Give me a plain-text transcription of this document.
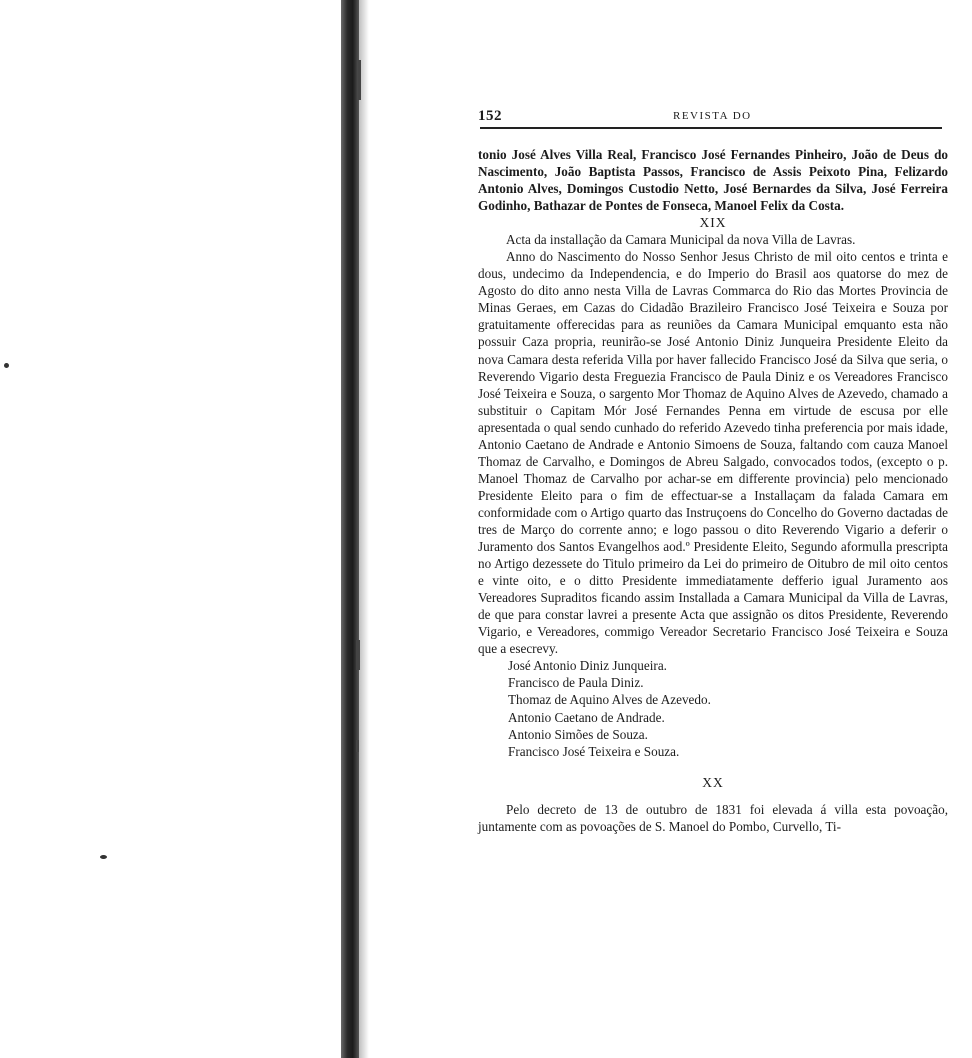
152	REVISTA DO

tonio José Alves Villa Real, Francisco José Fernandes Pinheiro, João de Deus do Nascimento, João Baptista Passos, Francisco de Assis Peixoto Pina, Felizardo Antonio Alves, Domingos Custodio Netto, José Bernardes da Silva, José Ferreira Godinho, Bathazar de Pontes de Fonseca, Manoel Felix da Costa.

XIX

Acta da installação da Camara Municipal da nova Villa de Lavras.

Anno do Nascimento do Nosso Senhor Jesus Christo de mil oito centos e trinta e dous, undecimo da Independencia, e do Imperio do Brasil aos quatorse do mez de Agosto do dito anno nesta Villa de Lavras Commarca do Rio das Mortes Provincia de Minas Geraes, em Cazas do Cidadão Brazileiro Francisco José Teixeira e Souza por gratuitamente offerecidas para as reuniões da Camara Municipal emquanto esta não possuir Caza propria, reunirão-se José Antonio Diniz Junqueira Presidente Eleito da nova Camara desta referida Villa por haver fallecido Francisco José da Silva que seria, o Reverendo Vigario desta Freguezia Francisco de Paula Diniz e os Vereadores Francisco José Teixeira e Souza, o sargento Mor Thomaz de Aquino Alves de Azevedo, chamado a substituir o Capitam Mór José Fernandes Penna em virtude de escusa por elle apresentada o qual sendo cunhado do referido Azevedo tinha preferencia por mais idade, Antonio Caetano de Andrade e Antonio Simoens de Souza, faltando com cauza Manoel Thomaz de Carvalho, e Domingos de Abreu Salgado, convocados todos, (excepto o p. Manoel Thomaz de Carvalho por achar-se em differente provincia) pelo mencionado Presidente Eleito para o fim de effectuar-se a Installaçam da falada Camara em conformidade com o Artigo quarto das Instruçoens do Concelho do Governo dactadas de tres de Março do corrente anno; e logo passou o dito Reverendo Vigario a deferir o Juramento dos Santos Evangelhos aod.º Presidente Eleito, Segundo aformulla prescripta no Artigo dezessete do Titulo primeiro da Lei do primeiro de Oitubro de mil oito centos e vinte oito, e o ditto Presidente immediatamente defferio igual Juramento aos Vereadores Supraditos ficando assim Installada a Camara Municipal da Villa de Lavras, de que para constar lavrei a presente Acta que assignão os ditos Presidente, Reverendo Vigario, e Vereadores, commigo Vereador Secretario Francisco José Teixeira e Souza que a esecrevy.

José Antonio Diniz Junqueira.
Francisco de Paula Diniz.
Thomaz de Aquino Alves de Azevedo.
Antonio Caetano de Andrade.
Antonio Simões de Souza.
Francisco José Teixeira e Souza.

XX

Pelo decreto de 13 de outubro de 1831 foi elevada á villa esta povoação, juntamente com as povoações de S. Manoel do Pombo, Curvello, Ti-
